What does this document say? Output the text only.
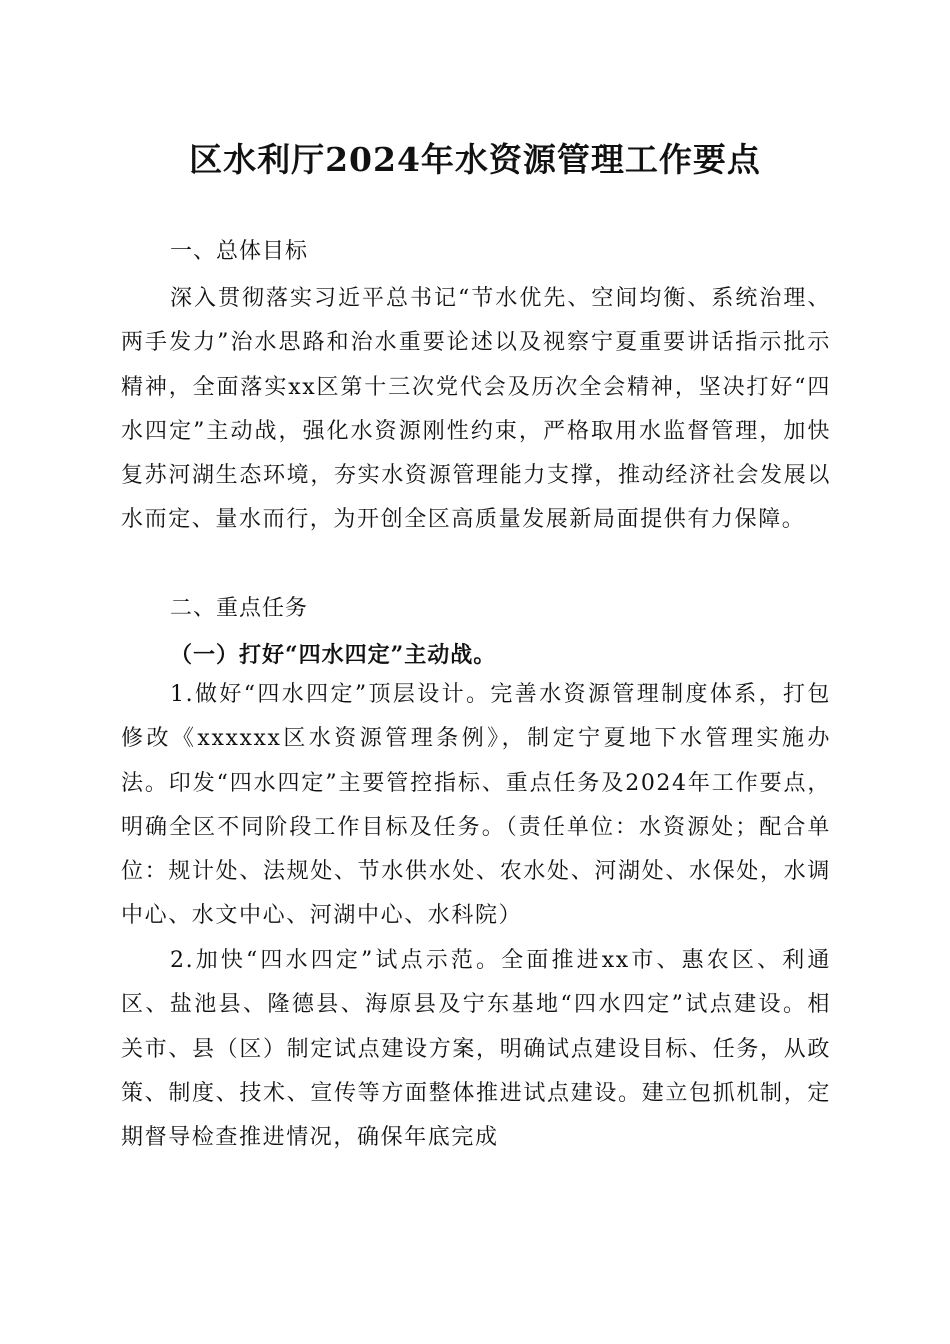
区水利厅2024年水资源管理工作要点
一、总体目标
深入贯彻落实习近平总书记“节水优先、空间均衡、系统治理、两手发力”治水思路和治水重要论述以及视察宁夏重要讲话指示批示精神，全面落实xx区第十三次党代会及历次全会精神，坚决打好“四水四定”主动战，强化水资源刚性约束，严格取用水监督管理，加快复苏河湖生态环境，夯实水资源管理能力支撑，推动经济社会发展以水而定、量水而行，为开创全区高质量发展新局面提供有力保障。
二、重点任务
（一）打好“四水四定”主动战。
1.做好“四水四定”顶层设计。完善水资源管理制度体系，打包修改《xxxxxx区水资源管理条例》，制定宁夏地下水管理实施办法。印发“四水四定”主要管控指标、重点任务及2024年工作要点，明确全区不同阶段工作目标及任务。（责任单位：水资源处；配合单位：规计处、法规处、节水供水处、农水处、河湖处、水保处，水调中心、水文中心、河湖中心、水科院）
2.加快“四水四定”试点示范。全面推进xx市、惠农区、利通区、盐池县、隆德县、海原县及宁东基地“四水四定”试点建设。相关市、县（区）制定试点建设方案，明确试点建设目标、任务，从政策、制度、技术、宣传等方面整体推进试点建设。建立包抓机制，定期督导检查推进情况，确保年底完成
